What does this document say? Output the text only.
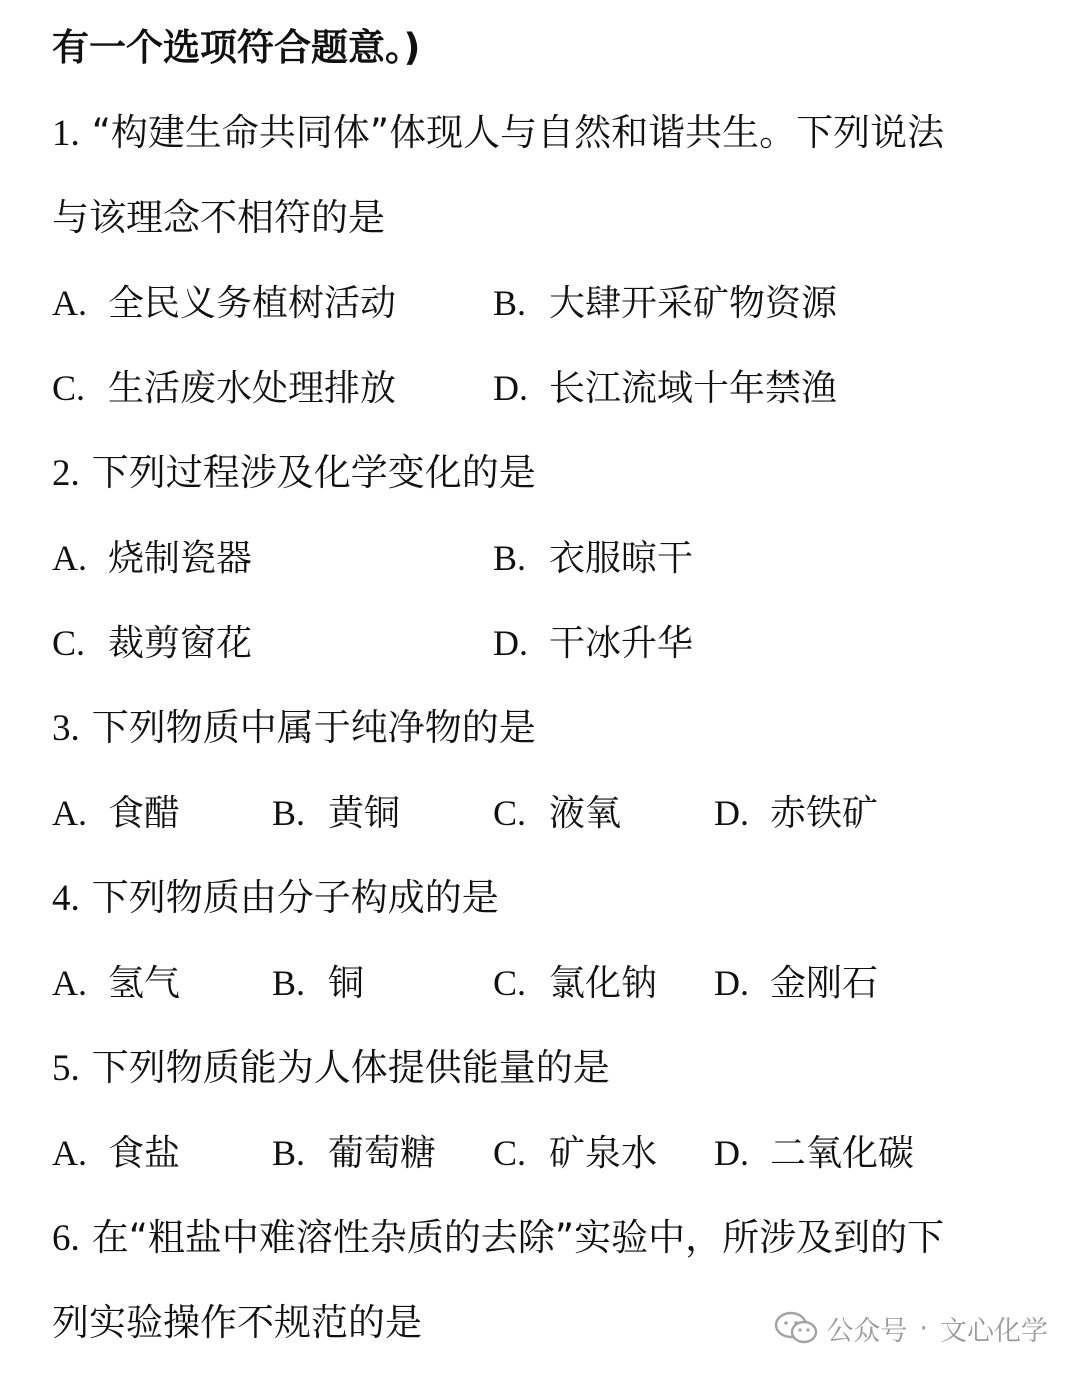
有一个选项符合题意。)
1. “构建生命共同体”体现人与自然和谐共生。下列说法
与该理念不相符的是
A. 全民义务植树活动	B. 大肆开采矿物资源
C. 生活废水处理排放	D. 长江流域十年禁渔
2. 下列过程涉及化学变化的是
A. 烧制瓷器	B. 衣服晾干
C. 裁剪窗花	D. 干冰升华
3. 下列物质中属于纯净物的是
A. 食醋	B. 黄铜	C. 液氧	D. 赤铁矿
4. 下列物质由分子构成的是
A. 氢气	B. 铜	C. 氯化钠 D. 金刚石
5. 下列物质能为人体提供能量的是
A. 食盐	B. 葡萄糖 C. 矿泉水 D. 二氧化碳
6. 在“粗盐中难溶性杂质的去除”实验中，所涉及到的下
列实验操作不规范的是	公众号 · 文心化学
